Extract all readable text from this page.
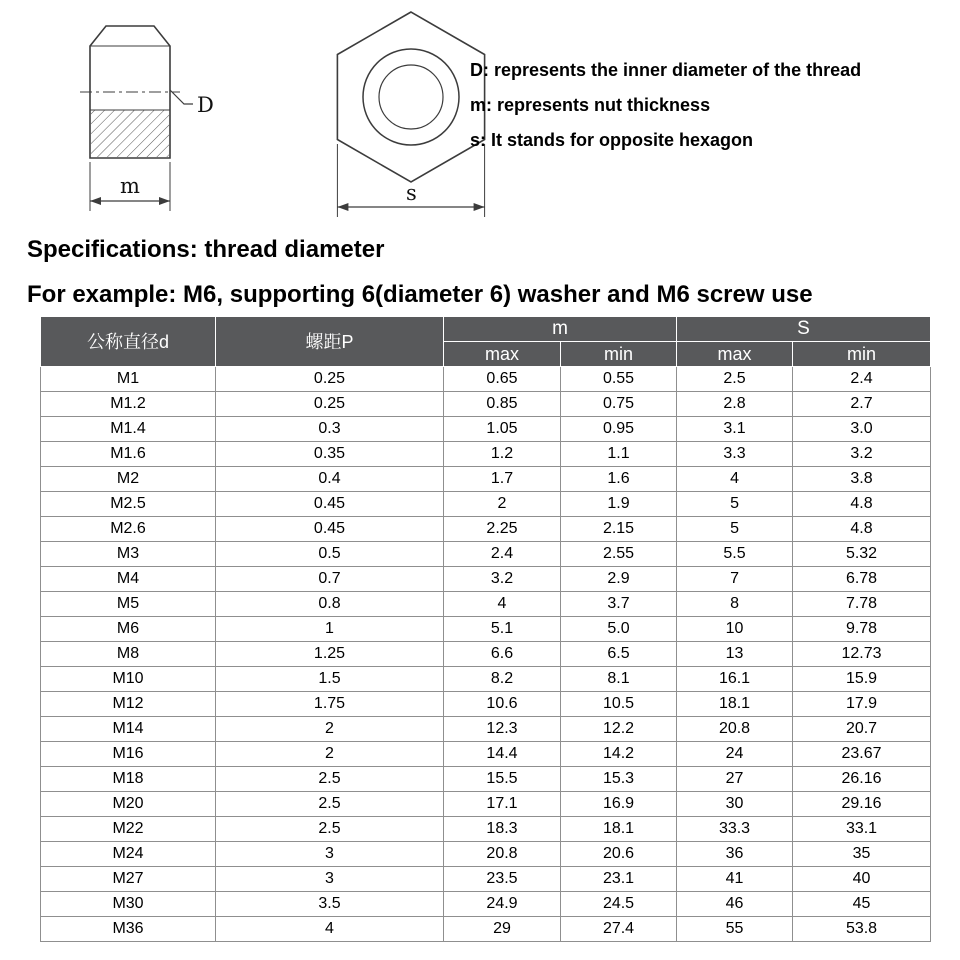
D
m	s
D: represents the inner diameter of the thread
m: represents nut thickness
s: It stands for opposite hexagon
Specifications: thread diameter
For example: M6, supporting 6(diameter 6) washer and M6 screw use
公称直径d	螺距P	m		S	
		max	min	max	min
M1	0.25	0.65	0.55	2.5	2.4
M1.2	0.25	0.85	0.75	2.8	2.7
M1.4	0.3	1.05	0.95	3.1	3.0
M1.6	0.35	1.2	1.1	3.3	3.2
M2	0.4	1.7	1.6	4	3.8
M2.5	0.45	2	1.9	5	4.8
M2.6	0.45	2.25	2.15	5	4.8
M3	0.5	2.4	2.55	5.5	5.32
M4	0.7	3.2	2.9	7	6.78
M5	0.8	4	3.7	8	7.78
M6	1	5.1	5.0	10	9.78
M8	1.25	6.6	6.5	13	12.73
M10	1.5	8.2	8.1	16.1	15.9
M12	1.75	10.6	10.5	18.1	17.9
M14	2	12.3	12.2	20.8	20.7
M16	2	14.4	14.2	24	23.67
M18	2.5	15.5	15.3	27	26.16
M20	2.5	17.1	16.9	30	29.16
M22	2.5	18.3	18.1	33.3	33.1
M24	3	20.8	20.6	36	35
M27	3	23.5	23.1	41	40
M30	3.5	24.9	24.5	46	45
M36	4	29	27.4	55	53.8
